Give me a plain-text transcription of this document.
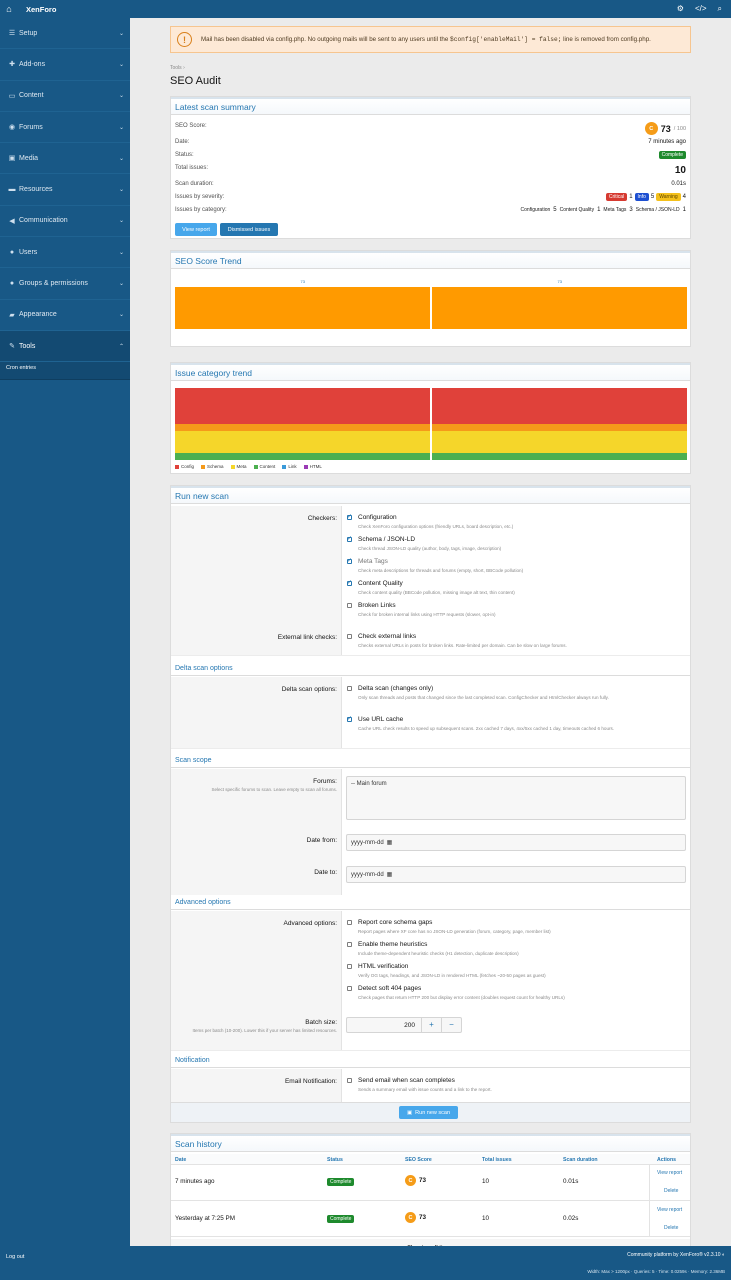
⌂	XenForo	⚙ </> ⌕
☰ Setup	⌄
✚ Add-ons	⌄
▭ Content	⌄
◉ Forums	⌄
▣ Media	⌄
▬ Resources	⌄
◀ Communication	⌄
● Users	⌄
● Groups & permissions	⌄
▰ Appearance	⌄
✎ Tools	⌃
Cron entries
!	Mail has been disabled via config.php. No outgoing mails will be sent to any users until the $config['enableMail'] = false; line is removed from config.php.
Tools ›
SEO Audit
Latest scan summary
SEO Score:	C 73 / 100
Date:	7 minutes ago
Status:	Complete
Total issues:	10
Scan duration:	0.01s
Issues by severity:	Critical 1	Info 5	Warning 4
Issues by category:	Configuration 5 Content Quality 1 Meta Tags 3 Schema / JSON-LD 1
View report	Dismissed issues
SEO Score Trend
73	73
Issue category trend
Config	Schema	Meta	Content	Link	HTML
Run new scan
Checkers:
✓	Configuration
Check XenForo configuration options (friendly URLs, board description, etc.)
✓
Schema / JSON-LD
Check thread JSON-LD quality (author, body, tags, image, description)
✓
Meta Tags
Check meta descriptions for threads and forums (empty, short, BBCode pollution)
✓
Content Quality
Check content quality (BBCode pollution, missing image alt text, thin content)
Broken Links
Check for broken internal links using HTTP requests (slower, opt-in)
Check external links
Checks external URLs in posts for broken links. Rate-limited per domain. Can be slow on large forums.
External link checks:
Delta scan options
Delta scan options:	Delta scan (changes only)
Only scan threads and posts that changed since the last completed scan. ConfigChecker and HtmlChecker always run fully.
✓
Use URL cache
Cache URL check results to speed up subsequent scans. 2xx cached 7 days, 4xx/5xx cached 1 day, timeouts cached 6 hours.
Scan scope
Forums:
Select specific forums to scan. Leave empty to scan all forums.
-- Main forum
yyyy-mm-dd ▦
yyyy-mm-dd ▦
Date from:
Date to:
Advanced options
Advanced options:	Report core schema gaps
Report pages where XF core has no JSON-LD generation (forum, category, page, member list)
Enable theme heuristics
Include theme-dependent heuristic checks (H1 detection, duplicate description)
HTML verification
Verify OG tags, headings, and JSON-LD in rendered HTML (fetches ~20-50 pages as guest)
Detect soft 404 pages
Check pages that return HTTP 200 but display error content (doubles request count for healthy URLs)
200	+	−
Batch size:
Items per batch (10-200). Lower this if your server has limited resources.
Notification
Email Notification:	Send email when scan completes
Sends a summary email with issue counts and a link to the report.
▣ Run new scan
Scan history
Date	Status	SEO Score	Total issues	Scan duration	Actions
7 minutes ago	Complete	C	73	10	0.01s
View report
Delete
Yesterday at 7:25 PM	Complete	C	73	10	0.02s
View report
Delete
Log out	Community platform by XenForo® v2.3.10 ◐
Width: Max > 1200px · Queries: 5 · Time: 0.0259s · Memory: 2.36MB
